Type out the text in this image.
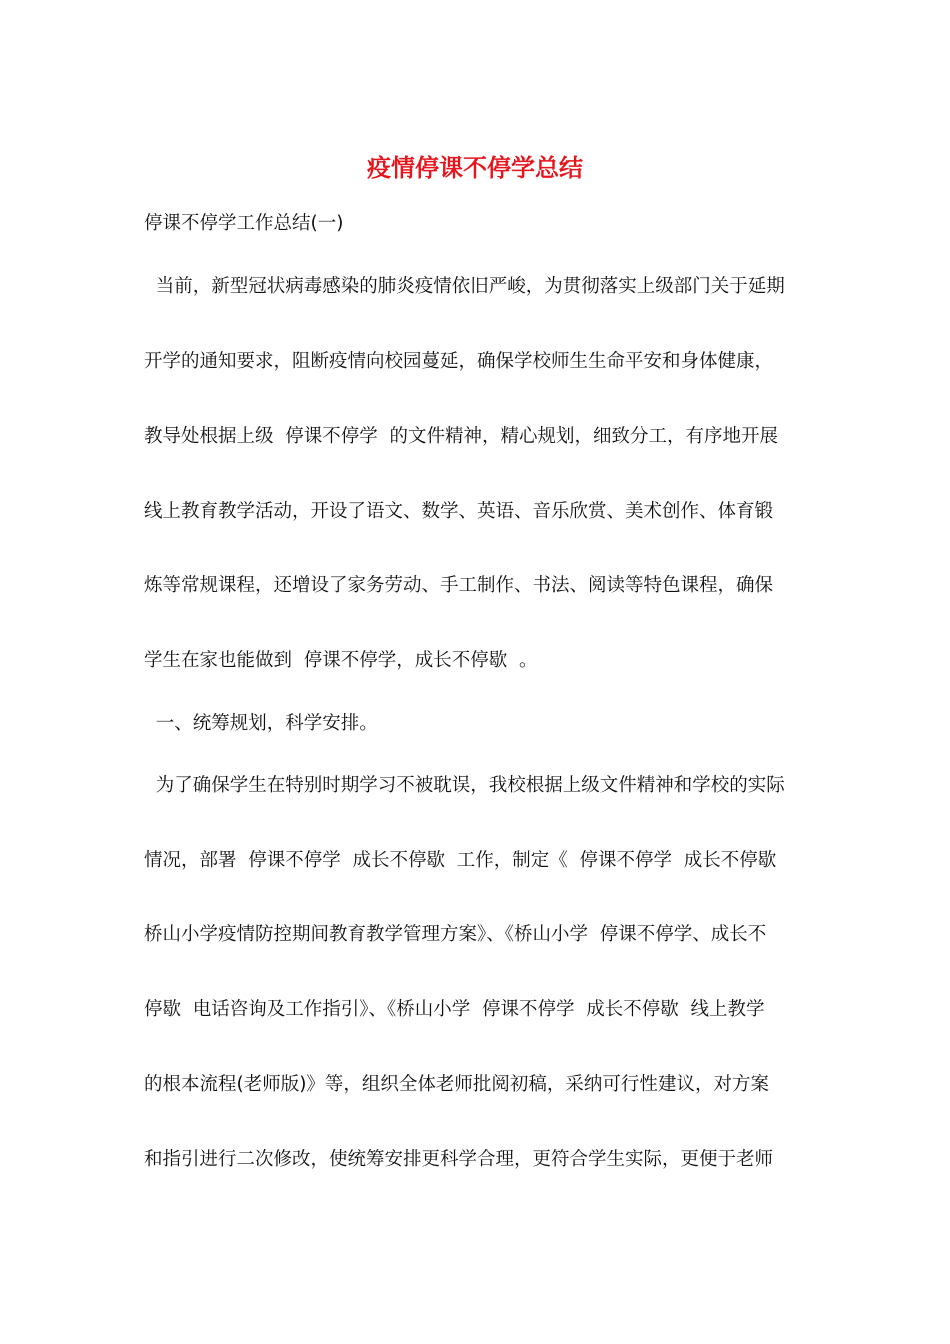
疫情停课不停学总结
停课不停学工作总结(一)
当前，新型冠状病毒感染的肺炎疫情依旧严峻，为贯彻落实上级部门关于延期
开学的通知要求，阻断疫情向校园蔓延，确保学校师生生命平安和身体健康，
教导处根据上级  停课不停学  的文件精神，精心规划，细致分工，有序地开展
线上教育教学活动，开设了语文、数学、英语、音乐欣赏、美术创作、体育锻
炼等常规课程，还增设了家务劳动、手工制作、书法、阅读等特色课程，确保
学生在家也能做到  停课不停学，成长不停歇  。
一、统筹规划，科学安排。
为了确保学生在特别时期学习不被耽误，我校根据上级文件精神和学校的实际
情况，部署  停课不停学  成长不停歇  工作，制定《  停课不停学  成长不停歇
桥山小学疫情防控期间教育教学管理方案》、《桥山小学  停课不停学、成长不
停歇  电话咨询及工作指引》、《桥山小学  停课不停学  成长不停歇  线上教学
的根本流程(老师版)》等，组织全体老师批阅初稿，采纳可行性建议，对方案
和指引进行二次修改，使统筹安排更科学合理，更符合学生实际，更便于老师
